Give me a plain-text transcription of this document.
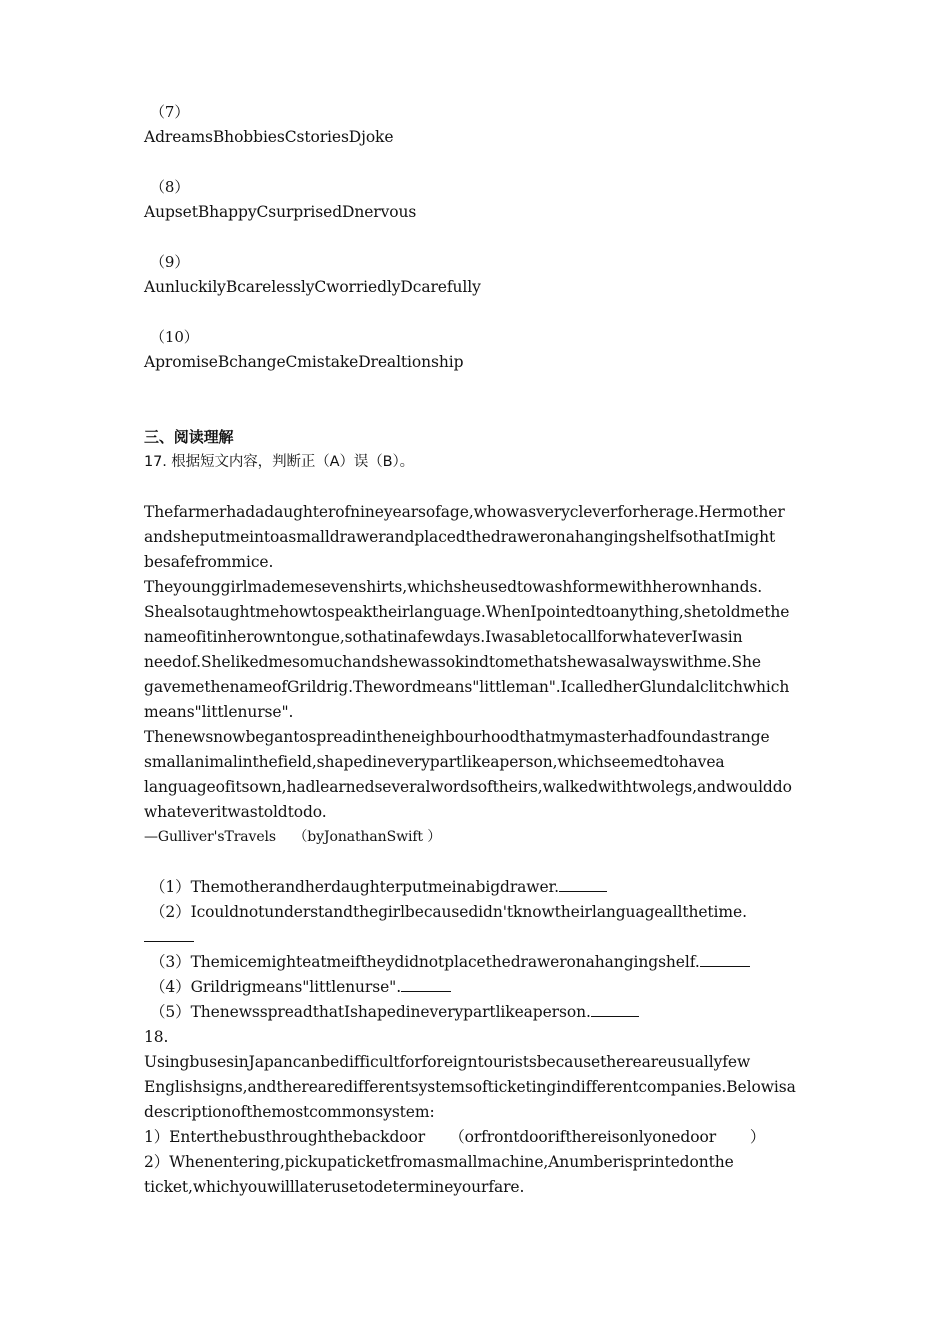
（7）
AdreamsBhobbiesCstoriesDjoke
（8）
AupsetBhappyCsurprisedDnervous
（9）
AunluckilyBcarelesslyCworriedlyDcarefully
（10）
ApromiseBchangeCmistakeDrealtionship
三、阅读理解
17. 根据短文内容，判断正（A）误（B）。
Thefarmerhadadaughterofnineyearsofage,whowasverycleverforherage.Hermother
andsheputmeintoasmalldrawerandplacedthedraweronahangingshelfsothatImight
besafefrommice.
Theyounggirlmademesevenshirts,whichsheusedtowashformewithherownhands.
Shealsotaughtmehowtospeaktheirlanguage.WhenIpointedtoanything,shetoldmethe
nameofitinherowntongue,sothatinafewdays.IwasabletocallforwhateverIwasin
needof.Shelikedmesomuchandshewassokindtomethatshewasalwayswithme.She
gavemethenameofGrildrig.Thewordmeans"littleman".IcalledherGlundalclitchwhich
means"littlenurse".
Thenewsnowbegantospreadintheneighbourhoodthatmymasterhadfoundastrange
smallanimalinthefield,shapedineverypartlikeaperson,whichseemedtohavea
languageofitsown,hadlearnedseveralwordsoftheirs,walkedwithtwolegs,andwoulddo
whateveritwastoldtodo.
—Gulliver'sTravels （byJonathanSwift ）
（1）Themotherandherdaughterputmeinabigdrawer.
（2）Icouldnotunderstandthegirlbecausedidn'tknowtheirlanguageallthetime.
（3）Themicemighteatmeiftheydidnotplacethedraweronahangingshelf.
（4）Grildrigmeans"littlenurse".
（5）ThenewsspreadthatIshapedineverypartlikeaperson.
18.
UsingbusesinJapancanbedifficultforforeigntouristsbecausethereareusuallyfew
Englishsigns,andtherearedifferentsystemsofticketingindifferentcompanies.Belowisa
descriptionofthemostcommonsystem:
1）Enterthebusthroughthebackdoor （orfrontdoorifthereisonlyonedoor ）
2）Whenentering,pickupaticketfromasmallmachine,Anumberisprintedonthe
ticket,whichyouwilllaterusetodetermineyourfare.
